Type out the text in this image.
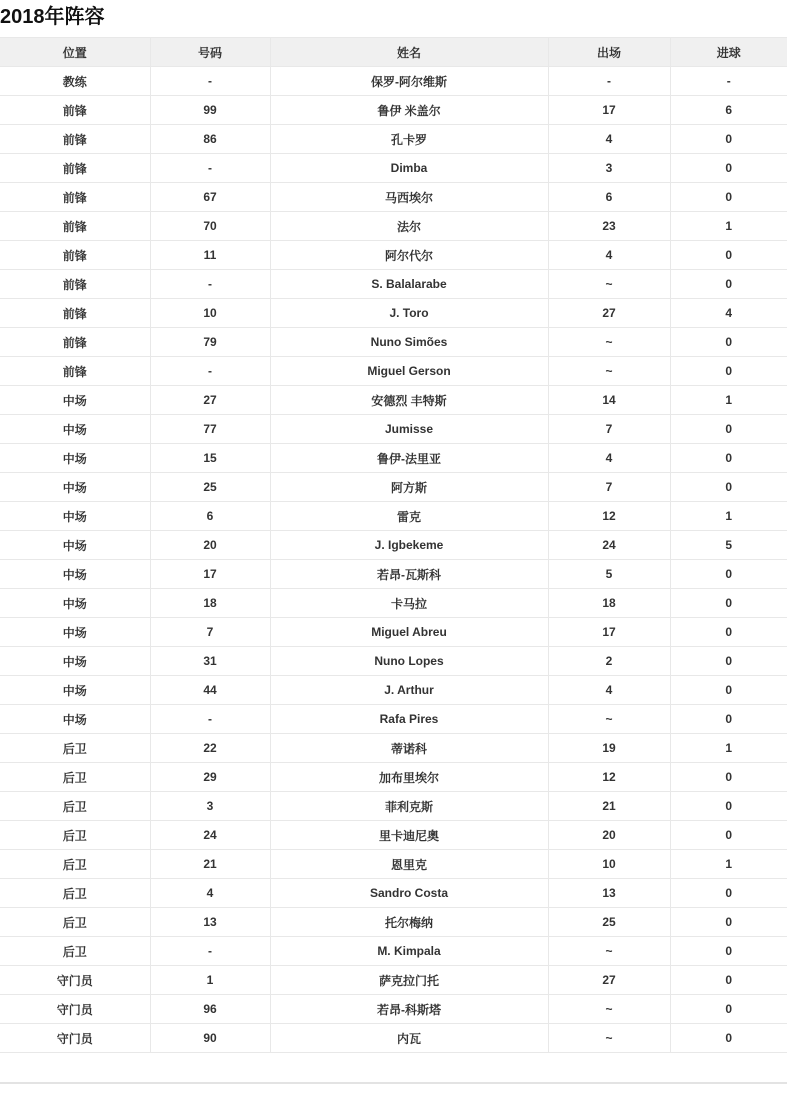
2018年阵容
位置	号码	姓名	出场	进球
教练	-	保罗-阿尔维斯	-	-
前锋	99	鲁伊 米盖尔	17	6
前锋	86	孔卡罗	4	0
前锋	-	Dimba	3	0
前锋	67	马西埃尔	6	0
前锋	70	法尔	23	1
前锋	11	阿尔代尔	4	0
前锋	-	S. Balalarabe	~	0
前锋	10	J. Toro	27	4
前锋	79	Nuno Simões	~	0
前锋	-	Miguel Gerson	~	0
中场	27	安德烈 丰特斯	14	1
中场	77	Jumisse	7	0
中场	15	鲁伊-法里亚	4	0
中场	25	阿方斯	7	0
中场	6	雷克	12	1
中场	20	J. Igbekeme	24	5
中场	17	若昂-瓦斯科	5	0
中场	18	卡马拉	18	0
中场	7	Miguel Abreu	17	0
中场	31	Nuno Lopes	2	0
中场	44	J. Arthur	4	0
中场	-	Rafa Pires	~	0
后卫	22	蒂诺科	19	1
后卫	29	加布里埃尔	12	0
后卫	3	菲利克斯	21	0
后卫	24	里卡迪尼奥	20	0
后卫	21	恩里克	10	1
后卫	4	Sandro Costa	13	0
后卫	13	托尔梅纳	25	0
后卫	-	M. Kimpala	~	0
守门员	1	萨克拉门托	27	0
守门员	96	若昂-科斯塔	~	0
守门员	90	内瓦	~	0
